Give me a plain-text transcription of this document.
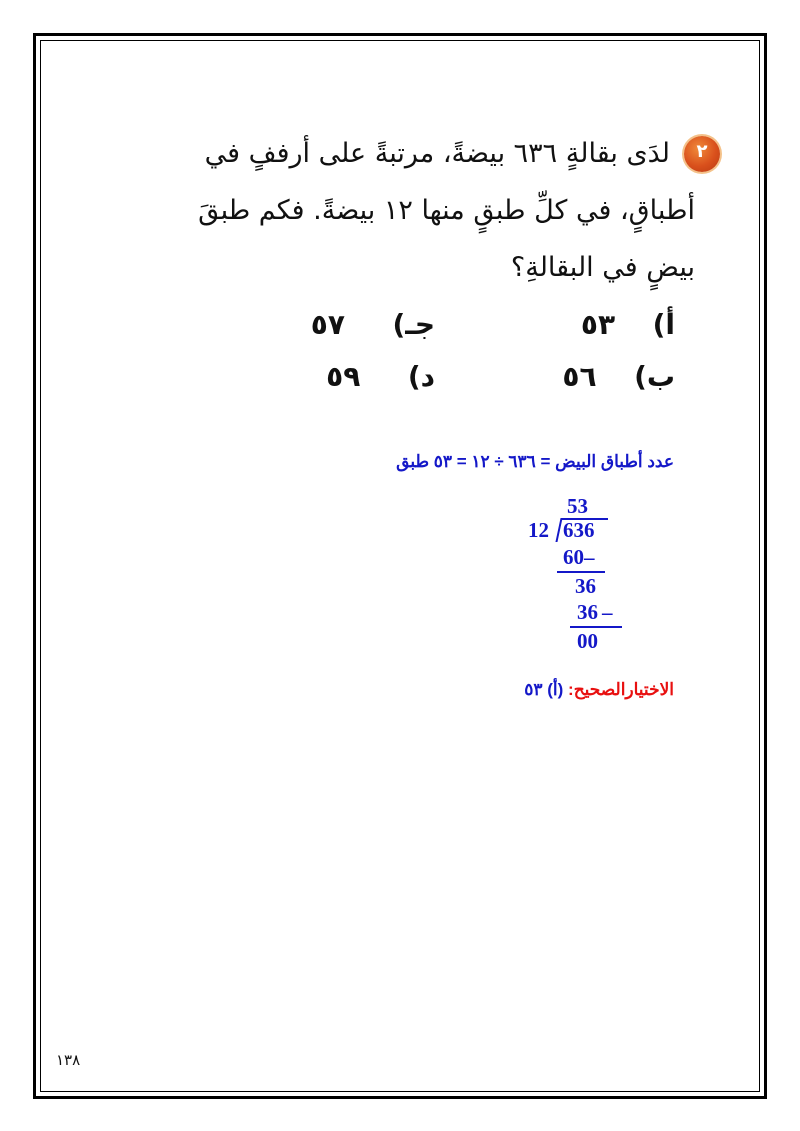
٢
لدَى بقالةٍ ٦٣٦ بيضةً، مرتبةً على أرففٍ في
أطباقٍ، في كلِّ طبقٍ منها ١٢ بيضةً. فكم طبقَ
بيضٍ في البقالةِ؟
أ)  ٥٣
ب)  ٥٦
جـ)  ٥٧
د)  ٥٩
عدد أطباق البيض = ٦٣٦ ÷ ١٢ = ٥٣ طبق
53
12 636
60–
36
36 –
00
الاختيارالصحيح: (أ) ٥٣
١٣٨
